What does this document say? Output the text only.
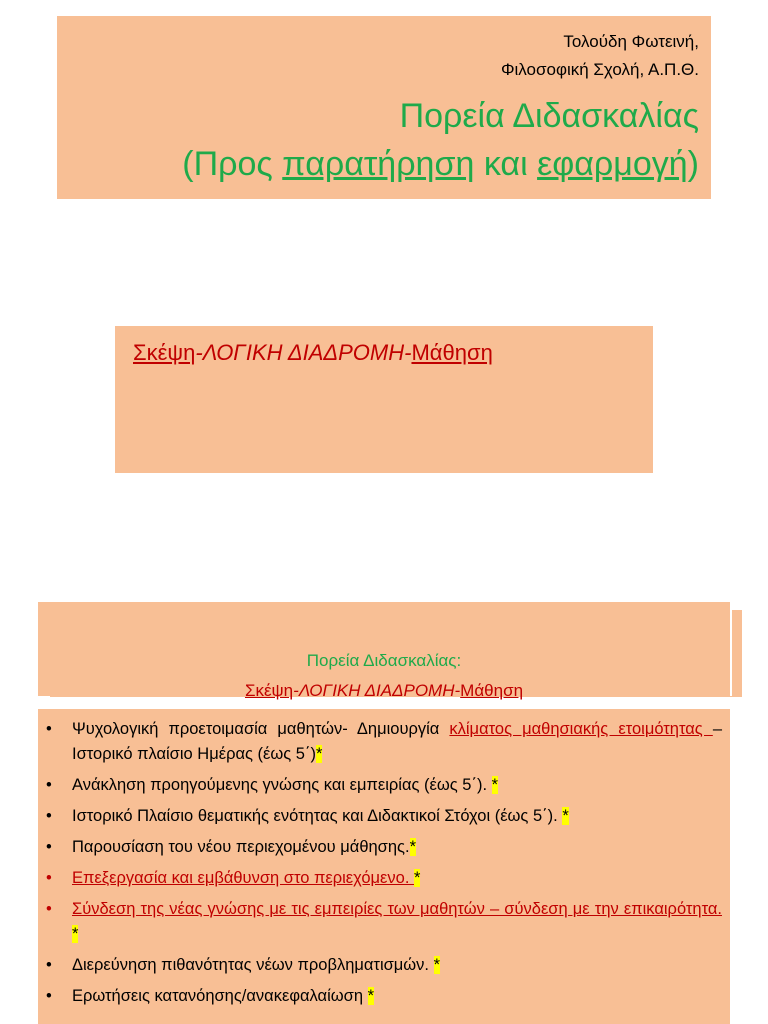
Τολούδη Φωτεινή,
Φιλοσοφική Σχολή, Α.Π.Θ.
Πορεία Διδασκαλίας
(Προς παρατήρηση και εφαρμογή)
Σκέψη-ΛΟΓΙΚΗ ΔΙΑΔΡΟΜΗ-Μάθηση
Πορεία Διδασκαλίας:
Σκέψη-ΛΟΓΙΚΗ ΔΙΑΔΡΟΜΗ-Μάθηση
• Ψυχολογική προετοιμασία μαθητών- Δημιουργία κλίματος μαθησιακής ετοιμότητας – Ιστορικό πλαίσιο Ημέρας (έως 5΄)*
• Ανάκληση προηγούμενης γνώσης και εμπειρίας (έως 5΄). *
• Ιστορικό Πλαίσιο θεματικής ενότητας και Διδακτικοί Στόχοι (έως 5΄). *
• Παρουσίαση του νέου περιεχομένου μάθησης.*
• Επεξεργασία και εμβάθυνση στο περιεχόμενο. *
• Σύνδεση της νέας γνώσης με τις εμπειρίες των μαθητών – σύνδεση με την επικαιρότητα. *
• Διερεύνηση πιθανότητας νέων προβληματισμών. *
• Ερωτήσεις κατανόησης/ανακεφαλαίωση *
